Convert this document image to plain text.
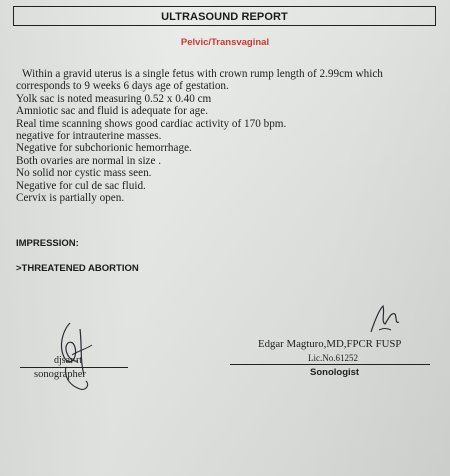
ULTRASOUND REPORT
Pelvic/Transvaginal
Within a gravid uterus is a single fetus with crown rump length of 2.99cm which
corresponds to 9 weeks 6 days age of gestation.
Yolk sac is noted measuring 0.52 x 0.40 cm
Amniotic sac and fluid is adequate for age.
Real time scanning shows good cardiac activity of 170 bpm.
negative for intrauterine masses.
Negative for subchorionic hemorrhage.
Both ovaries are normal in size .
No solid nor cystic mass seen.
Negative for cul de sac fluid.
Cervix is partially open.
IMPRESSION:
>THREATENED ABORTION
djsar rt
sonographer
Edgar Magturo,MD,FPCR FUSP
Lic.No.61252
Sonologist
